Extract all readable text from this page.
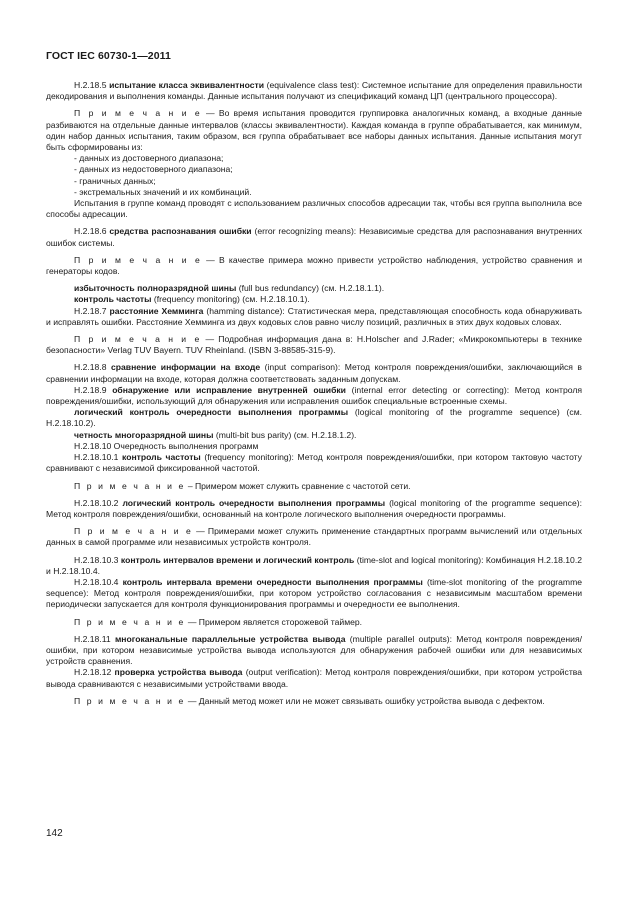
ГОСТ IEC 60730-1—2011

H.2.18.5 испытание класса эквивалентности (equivalence class test): Системное испытание для определения правильности декодирования и выполнения команды. Данные испытания получают из спецификаций команд ЦП (центрального процессора).

П р и м е ч а н и е — Во время испытания проводится группировка аналогичных команд, а входные данные разбиваются на отдельные данные интервалов (классы эквивалентности). Каждая команда в группе обрабатывается, как минимум, один набор данных испытания, таким образом, вся группа обрабатывает все наборы данных испытания. Данные испытания могут быть сформированы из:

- данных из достоверного диапазона;

- данных из недостоверного диапазона;

- граничных данных;

- экстремальных значений и их комбинаций.

Испытания в группе команд проводят с использованием различных способов адресации так, чтобы вся группа выполнила все способы адресации.

H.2.18.6 средства распознавания ошибки (error recognizing means): Независимые средства для распознавания внутренних ошибок системы.

П р и м е ч а н и е — В качестве примера можно привести устройство наблюдения, устройство сравнения и генераторы кодов.

избыточность полноразрядной шины (full bus redundancy) (см. H.2.18.1.1).

контроль частоты (frequency monitoring) (см. H.2.18.10.1).

H.2.18.7 расстояние Хемминга (hamming distance): Статистическая мера, представляющая способность кода обнаруживать и исправлять ошибки. Расстояние Хемминга из двух кодовых слов равно числу позиций, различных в этих двух кодовых словах.

П р и м е ч а н и е — Подробная информация дана в: H.Holscher and J.Rader; «Микрокомпьютеры в технике безопасности» Verlag TUV Bayern. TUV Rheinland. (ISBN 3-88585-315-9).

H.2.18.8 сравнение информации на входе (input comparison): Метод контроля повреждения/ошибки, заключающийся в сравнении информации на входе, которая должна соответствовать заданным допускам.

H.2.18.9 обнаружение или исправление внутренней ошибки (internal error detecting or correcting): Метод контроля повреждения/ошибки, использующий для обнаружения или исправления ошибок специальные встроенные схемы.

логический контроль очередности выполнения программы (logical monitoring of the programme sequence) (см. H.2.18.10.2).

четность многоразрядной шины (multi-bit bus parity) (см. H.2.18.1.2).

H.2.18.10 Очередность выполнения программ

H.2.18.10.1 контроль частоты (frequency monitoring): Метод контроля повреждения/ошибки, при котором тактовую частоту сравнивают с независимой фиксированной частотой.

П р и м е ч а н и е – Примером может служить сравнение с частотой сети.

H.2.18.10.2 логический контроль очередности выполнения программы (logical monitoring of the programme sequence): Метод контроля повреждения/ошибки, основанный на контроле логического выполнения очередности программы.

П р и м е ч а н и е — Примерами может служить применение стандартных программ вычислений или отдельных данных в самой программе или независимых устройств контроля.

H.2.18.10.3 контроль интервалов времени и логический контроль (time-slot and logical monitoring): Комбинация H.2.18.10.2 и H.2.18.10.4.

H.2.18.10.4 контроль интервала времени очередности выполнения программы (time-slot monitoring of the programme sequence): Метод контроля повреждения/ошибки, при котором устройство согласования с независимым масштабом времени периодически запускается для контроля функционирования программы и очередности ее выполнения.

П р и м е ч а н и е — Примером является сторожевой таймер.

H.2.18.11 многоканальные параллельные устройства вывода (multiple parallel outputs): Метод контроля повреждения/ошибки, при котором независимые устройства вывода используются для обнаружения рабочей ошибки или для независимых устройств сравнения.

H.2.18.12 проверка устройства вывода (output verification): Метод контроля повреждения/ошибки, при котором устройства вывода сравниваются с независимыми устройствами ввода.

П р и м е ч а н и е — Данный метод может или не может связывать ошибку устройства вывода с дефектом.

142
